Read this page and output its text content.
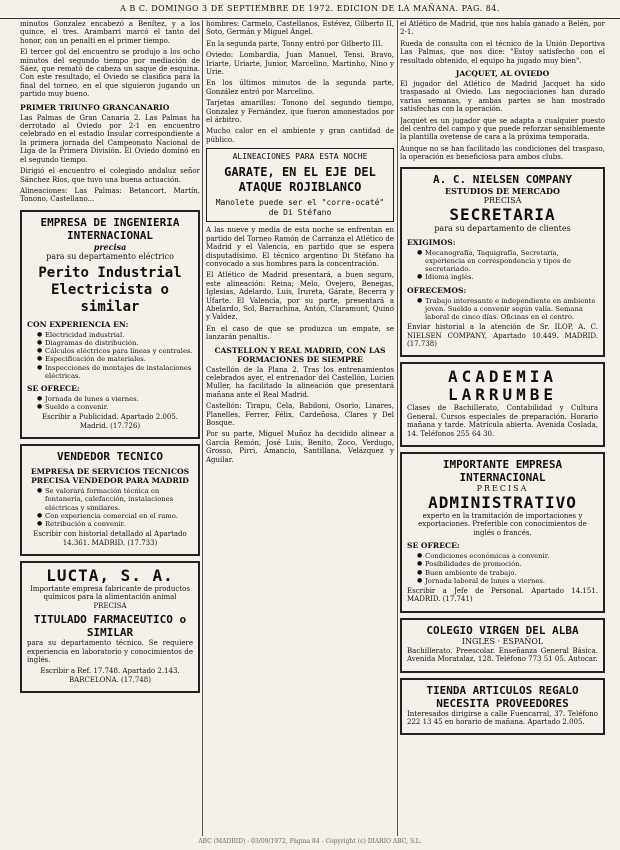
A B C. DOMINGO 3 DE SEPTIEMBRE DE 1972. EDICION DE LA MAÑANA. PAG. 84.

minutos Gonzalez encabezó a Benítez, y a los quince, el tres. Arambarri marcó el tanto del honor, con un penalti en el primer tiempo.

El tercer gol del encuentro se produjo a los ocho minutos del segundo tiempo por mediación de Sáez, que remató de cabeza un saque de esquina. Con este resultado, el Oviedo se clasifica para la final del torneo, en el que siguieron jugando un partido muy bueno.

PRIMER TRIUNFO GRANCANARIO

Las Palmas de Gran Canaria 2. Las Palmas ha derrotado al Oviedo por 2-1 en encuentro celebrado en el estadio Insular correspondiente a la primera jornada del Campeonato Nacional de Liga de la Primera División. El Oviedo dominó en el segundo tiempo.

Dirigió el encuentro el colegiado andaluz señor Sánchez Ríos, que tuvo una buena actuación.

Alineaciones: Las Palmas: Betancort, Martín, Tonono, Castellano...

EMPRESA DE INGENIERIA INTERNACIONAL
precisa
para su departamento eléctrico
Perito Industrial Electricista o similar
CON EXPERIENCIA EN:
● Electricidad industrial.
● Diagramas de distribución.
● Cálculos eléctricos para líneas y centrales.
● Especificación de materiales.
● Inspecciones de montajes de instalaciones eléctricas.
SE OFRECE:
● Jornada de lunes a viernes.
● Sueldo a convenir.

Escribir a Publicidad. Apartado 2.005. Madrid. (17.726)

VENDEDOR TECNICO
EMPRESA DE SERVICIOS TECNICOS PRECISA VENDEDOR PARA MADRID
● Se valorará formación técnica en fontanería, calefacción, instalaciones eléctricas y similares.
● Con experiencia comercial en el ramo.
● Retribución a convenir.

Escribir con historial detallado al Apartado 14.361. MADRID. (17.733)

LUCTA, S. A.

Importante empresa fabricante de productos químicos para la alimentación animal PRECISA

TITULADO FARMACEUTICO o SIMILAR

para su departamento técnico. Se requiere experiencia en laboratorio y conocimientos de inglés.

Escribir a Ref. 17.748. Apartado 2.143. BARCELONA. (17.748)

hombres: Carmelo, Castellanos, Estévez, Gilberto II, Soto, Germán y Miguel Ángel.

En la segunda parte, Tonny entró por Gilberto III.

Oviedo: Lombardia, Juan Manuel, Tensi, Bravo, Iriarte, Uriarte, Junior, Marcelino, Martinho, Nino y Urie.

En los últimos minutos de la segunda parte, González entró por Marcelino.

Tarjetas amarillas: Tonono del segundo tiempo, Gonzalez y Fernández, que fueron amonestados por el árbitro.

Mucho calor en el ambiente y gran cantidad de público.

ALINEACIONES PARA ESTA NOCHE
GARATE, EN EL EJE DEL ATAQUE ROJIBLANCO
Manolete puede ser el "corre-ocaté" de Di Stéfano

A las nueve y media de esta noche se enfrentan en partido del Torneo Ramón de Carranza el Atlético de Madrid y el Valencia, en partido que se espera disputadísimo. El técnico argentino Di Stéfano ha convocado a sus hombres para la concentración.

El Atlético de Madrid presentará, a buen seguro, este alineación: Reina; Melo, Ovejero, Benegas, Iglesias, Adelardo, Luis, Irureta, Gárate, Becerra y Ufarte. El Valencia, por su parte, presentará a Abelardo, Sol, Barrachina, Antón, Claramunt, Quino y Valdez.

En el caso de que se produzca un empate, se lanzarán penaltis.

CASTELLON Y REAL MADRID, CON LAS FORMACIONES DE SIEMPRE

Castellón de la Plana 2. Tras los entrenamientos celebrados ayer, el entrenador del Castellón, Lucien Muller, ha facilitado la alineación que presentará mañana ante el Real Madrid.

Castellón: Tirapu, Cela, Babiloni, Osorio, Linares, Planelles, Ferrer, Félix, Cardeñosa, Clares y Del Bosque.

Por su parte, Miguel Muñoz ha decidido alinear a García Remón, José Luis, Benito, Zoco, Verdugo, Grosso, Pirri, Amancio, Santillana, Velázquez y Aguilar.

el Atlético de Madrid, que nos había ganado a Belén, por 2-1.

Rueda de consulta con el técnico de la Unión Deportiva Las Palmas, que nos dice: "Estoy satisfecho con el resultado obtenido, el equipo ha jugado muy bien".

JACQUET, AL OVIEDO

El jugador del Atlético de Madrid Jacquet ha sido traspasado al Oviedo. Las negociaciones han durado varias semanas, y ambas partes se han mostrado satisfechas con la operación.

Jacquet es un jugador que se adapta a cualquier puesto del centro del campo y que puede reforzar sensiblemente la plantilla ovetense de cara a la próxima temporada.

Aunque no se han facilitado las condiciones del traspaso, la operación es beneficiosa para ambos clubs.

A. C. NIELSEN COMPANY
ESTUDIOS DE MERCADO
PRECISA
SECRETARIA
para su departamento de clientes
EXIGIMOS:
● Mecanografía, Taquigrafía, Secretaría, experiencia en correspondencia y tipos de secretariado.
● Idioma inglés.
OFRECEMOS:
● Trabajo interesante e independiente en ambiente joven. Sueldo a convenir según valía. Semana laboral de cinco días. Oficinas en el centro.

Enviar historial a la atención de Sr. ILOP, A. C. NIELSEN COMPANY, Apartado 10.449. MADRID. (17.738)

ACADEMIA LARRUMBE

Clases de Bachillerato, Contabilidad y Cultura General. Cursos especiales de preparación. Horario mañana y tarde. Matrícula abierta. Avenida Coslada, 14. Teléfonos 255 64 30.

IMPORTANTE EMPRESA INTERNACIONAL
PRECISA
ADMINISTRATIVO

experto en la tramitación de importaciones y exportaciones. Preferible con conocimientos de inglés o francés.

SE OFRECE:
● Condiciones económicas a convenir.
● Posibilidades de promoción.
● Buen ambiente de trabajo.
● Jornada laboral de lunes a viernes.

Escribir a Jefe de Personal. Apartado 14.151. MADRID. (17.741)

COLEGIO VIRGEN DEL ALBA
INGLES · ESPAÑOL

Bachillerato. Preescolar. Enseñanza General Básica. Avenida Moratalaz, 128. Teléfono 773 51 05. Autocar.

TIENDA ARTICULOS REGALO NECESITA PROVEEDORES

Interesados dirigirse a calle Fuencarral, 37. Teléfono 222 13 45 en horario de mañana. Apartado 2.005.

ABC (MADRID) - 03/09/1972, Página 84 - Copyright (c) DIARIO ABC, S.L.
